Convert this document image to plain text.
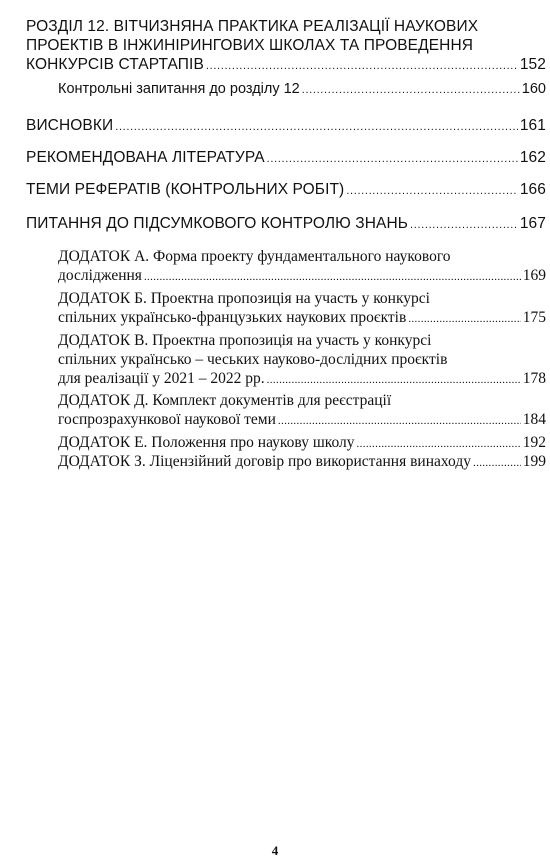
РОЗДІЛ 12. ВІТЧИЗНЯНА ПРАКТИКА РЕАЛІЗАЦІЇ НАУКОВИХ
ПРОЕКТІВ В ІНЖИНІРИНГОВИХ ШКОЛАХ ТА ПРОВЕДЕННЯ
КОНКУРСІВ СТАРТАПІВ . . .	152
Контрольні запитання до розділу 12 . . .	160
ВИСНОВКИ . . .	161
РЕКОМЕНДОВАНА ЛІТЕРАТУРА . . .	162
ТЕМИ РЕФЕРАТІВ (КОНТРОЛЬНИХ РОБІТ) . . .	166
ПИТАННЯ ДО ПІДСУМКОВОГО КОНТРОЛЮ ЗНАНЬ . . .	167
ДОДАТОК А. Форма проекту фундаментального наукового
дослідження . . .	169
ДОДАТОК Б. Проектна пропозиція на участь у конкурсі
спільних українсько-французьких наукових проєктів . . .	175
ДОДАТОК В. Проектна пропозиція на участь у конкурсі
спільних українсько – чеських науково-дослідних проєктів
для реалізації у 2021 – 2022 рр. . . .	178
ДОДАТОК Д. Комплект документів для реєстрації
госпрозрахункової наукової теми . . .	184
ДОДАТОК Е. Положення про наукову школу . . .	192
ДОДАТОК З. Ліцензійний договір про використання винаходу . . .	199
4
